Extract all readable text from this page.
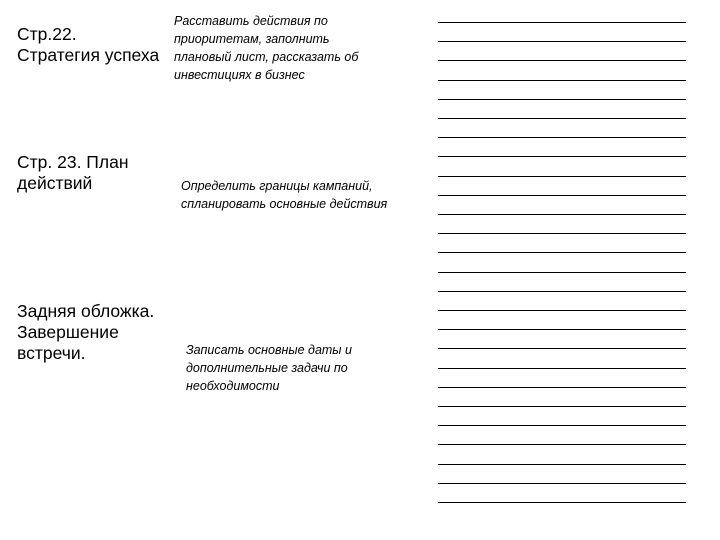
Стр.22.
Стратегия успеха

Расставить действия по
приоритетам, заполнить
плановый лист, рассказать об
инвестициях в бизнес

Стр. 23. План
действий	Определить границы кампаний,
спланировать основные действия

Задняя обложка.
Завершение
встречи.	Записать основные даты и
дополнительные задачи по
необходимости
